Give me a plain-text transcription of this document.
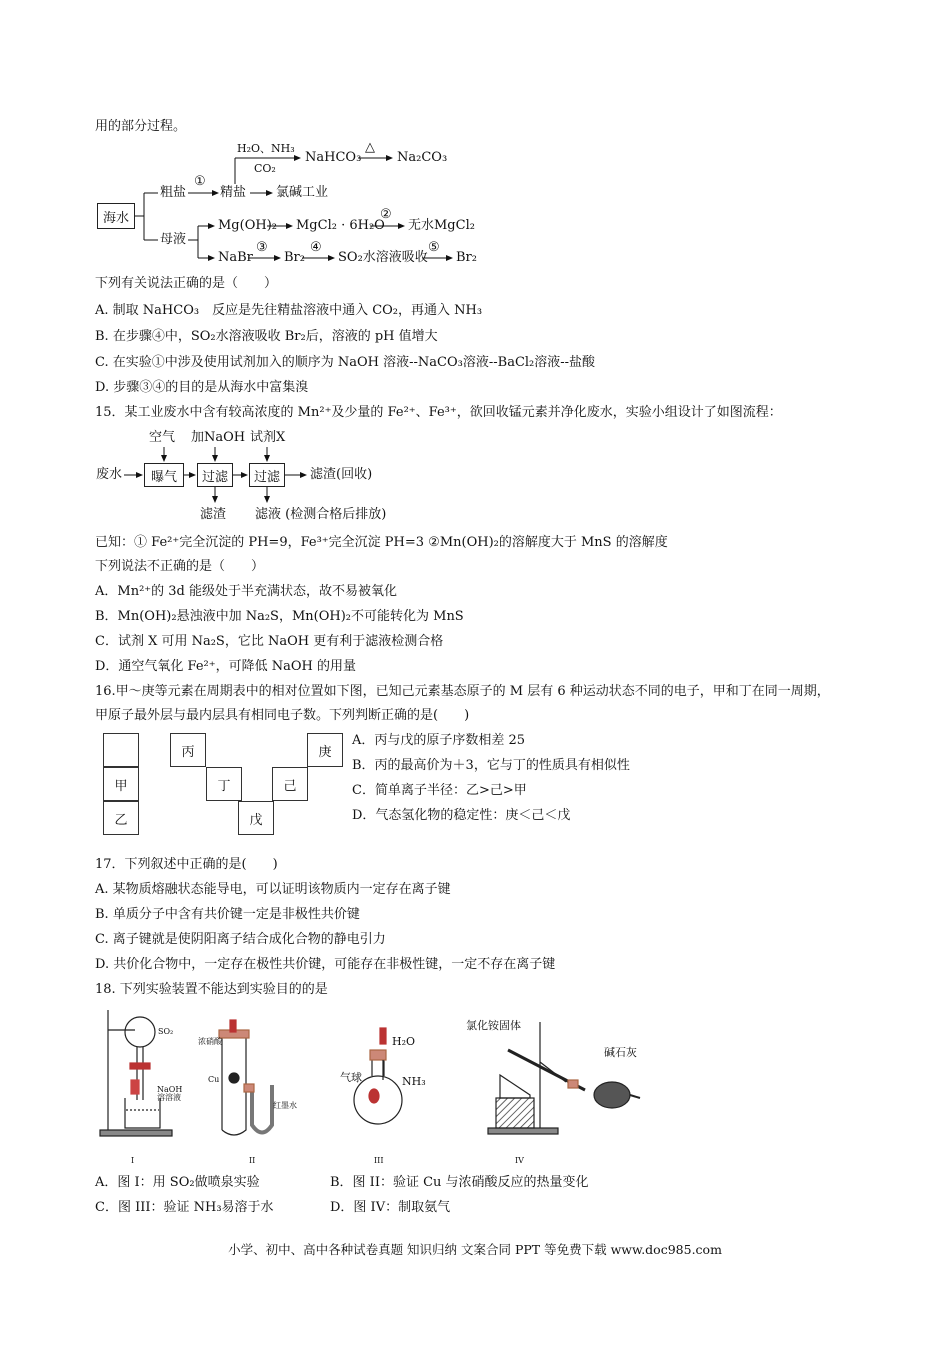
用的部分过程。
海水
粗盐
①
精盐 氯碱工业
H₂O、NH₃
CO₂
NaHCO₃
△
Na₂CO₃
母液
Mg(OH)₂ MgCl₂ · 6H₂O
②
无水MgCl₂
NaBr
③
Br₂
④
SO₂水溶液吸收
⑤
Br₂
下列有关说法正确的是（　　）
A. 制取 NaHCO₃　反应是先往精盐溶液中通入 CO₂，再通入 NH₃
B. 在步骤④中，SO₂水溶液吸收 Br₂后，溶液的 pH 值增大
C. 在实验①中涉及使用试剂加入的顺序为 NaOH 溶液--NaCO₃溶液--BaCl₂溶液--盐酸
D. 步骤③④的目的是从海水中富集溴
15．某工业废水中含有较高浓度的 Mn²⁺及少量的 Fe²⁺、Fe³⁺，欲回收锰元素并净化废水，实验小组设计了如图流程：
空气 加NaOH 试剂X
废水	曝气	过滤	过滤	滤渣(回收)
滤渣 滤液 (检测合格后排放)
已知：① Fe²⁺完全沉淀的 PH=9，Fe³⁺完全沉淀 PH=3 ②Mn(OH)₂的溶解度大于 MnS 的溶解度
下列说法不正确的是（　　）
A．Mn²⁺的 3d 能级处于半充满状态，故不易被氧化
B．Mn(OH)₂悬浊液中加 Na₂S，Mn(OH)₂不可能转化为 MnS
C．试剂 X 可用 Na₂S，它比 NaOH 更有利于滤液检测合格
D．通空气氧化 Fe²⁺，可降低 NaOH 的用量
16.甲～庚等元素在周期表中的相对位置如下图，已知己元素基态原子的 M 层有 6 种运动状态不同的电子，甲和丁在同一周期，
甲原子最外层与最内层具有相同电子数。下列判断正确的是(　　)
甲
乙
丙
丁
戊
己
庚
A．丙与戊的原子序数相差 25
B．丙的最高价为＋3，它与丁的性质具有相似性
C．简单离子半径：乙>己>甲
D．气态氢化物的稳定性：庚＜己＜戊
17．下列叙述中正确的是(　　)
A. 某物质熔融状态能导电，可以证明该物质内一定存在离子键
B. 单质分子中含有共价键一定是非极性共价键
C. 离子键就是使阴阳离子结合成化合物的静电引力
D. 共价化合物中，一定存在极性共价键，可能存在非极性键，一定不存在离子键
18. 下列实验装置不能达到实验目的的是
SO₂
NaOH
溶溶液
I
浓硝酸
Cu
红墨水
II
H₂O
气球	NH₃
III
氯化铵固体
碱石灰
IV
A．图 I：用 SO₂做喷泉实验	B．图 II：验证 Cu 与浓硝酸反应的热量变化
C．图 III：验证 NH₃易溶于水	D．图 IV：制取氨气
小学、初中、高中各种试卷真题 知识归纳 文案合同 PPT 等免费下载 www.doc985.com
